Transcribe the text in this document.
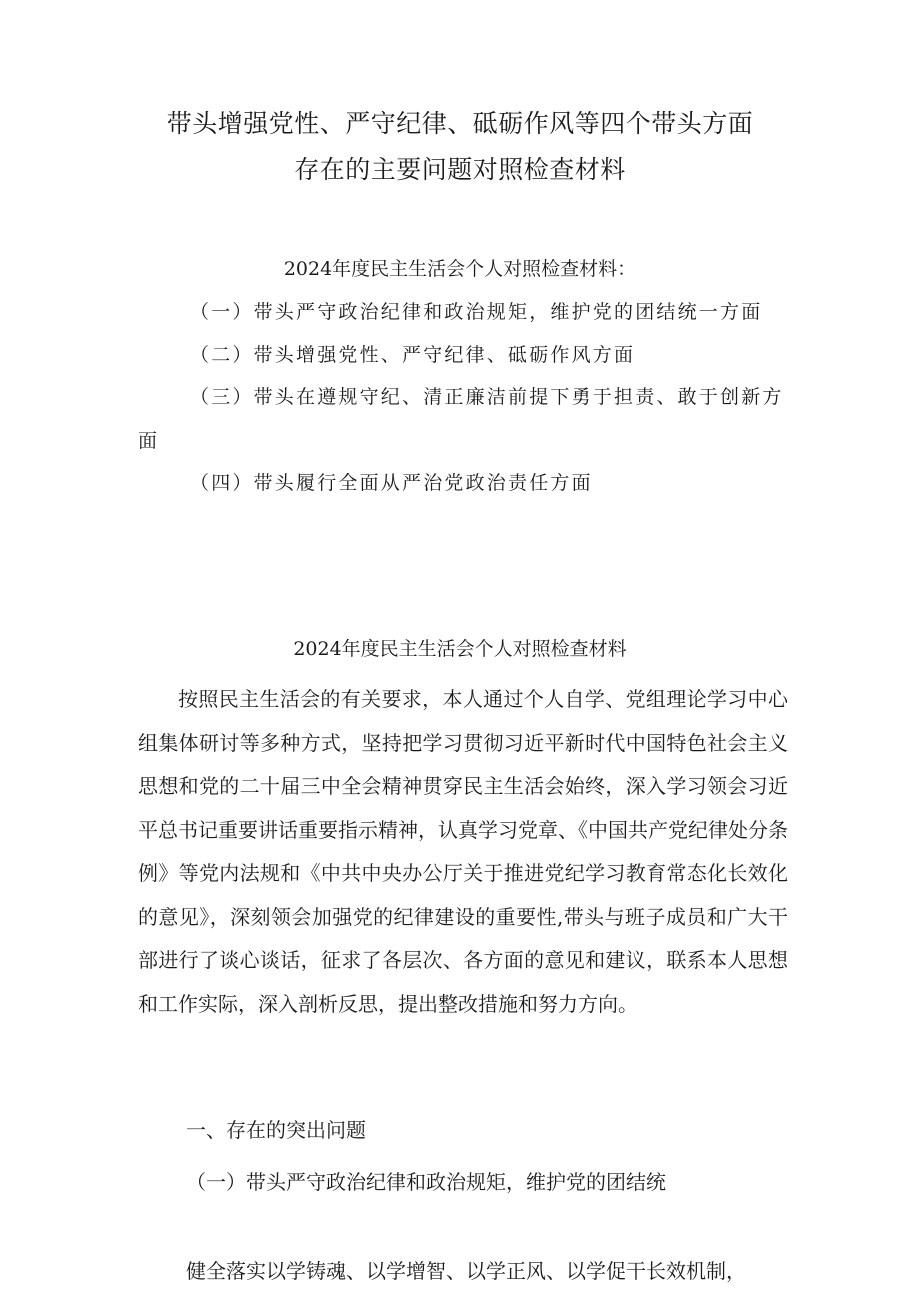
带头增强党性、严守纪律、砥砺作风等四个带头方面
存在的主要问题对照检查材料
2024年度民主生活会个人对照检查材料：
（一）带头严守政治纪律和政治规矩，维护党的团结统一方面
（二）带头增强党性、严守纪律、砥砺作风方面
（三）带头在遵规守纪、清正廉洁前提下勇于担责、敢于创新方
面
（四）带头履行全面从严治党政治责任方面
2024年度民主生活会个人对照检查材料

按照民主生活会的有关要求，本人通过个人自学、党组理论学习中心组集体研讨等多种方式，坚持把学习贯彻习近平新时代中国特色社会主义思想和党的二十届三中全会精神贯穿民主生活会始终，深入学习领会习近平总书记重要讲话重要指示精神，认真学习党章、《中国共产党纪律处分条例》等党内法规和《中共中央办公厅关于推进党纪学习教育常态化长效化的意见》，深刻领会加强党的纪律建设的重要性,带头与班子成员和广大干部进行了谈心谈话，征求了各层次、各方面的意见和建议，联系本人思想和工作实际，深入剖析反思，提出整改措施和努力方向。

一、存在的突出问题
（一）带头严守政治纪律和政治规矩，维护党的团结统
健全落实以学铸魂、以学增智、以学正风、以学促干长效机制，
